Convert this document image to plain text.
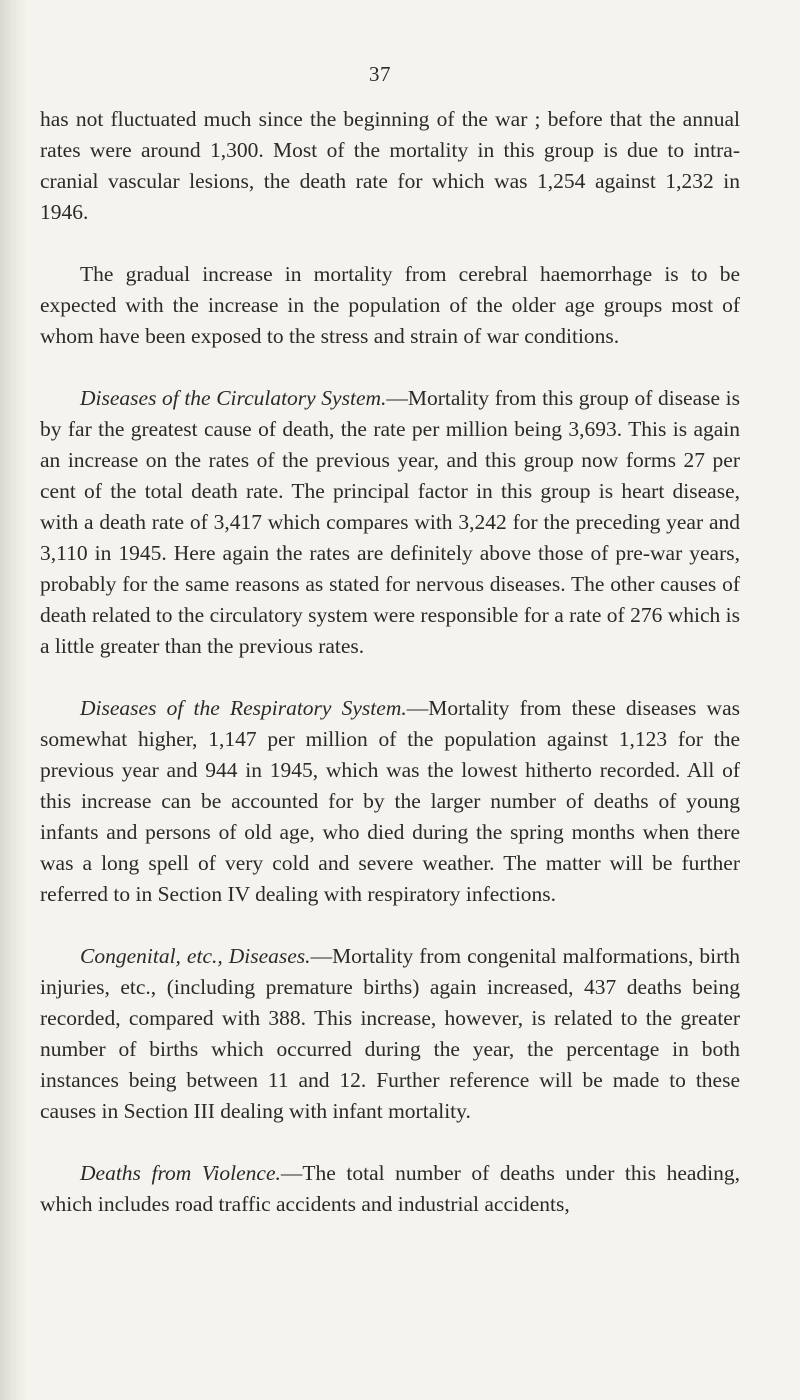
37

has not fluctuated much since the beginning of the war ; before that the annual rates were around 1,300. Most of the mortality in this group is due to intra-cranial vascular lesions, the death rate for which was 1,254 against 1,232 in 1946.

The gradual increase in mortality from cerebral haemorrhage is to be expected with the increase in the population of the older age groups most of whom have been exposed to the stress and strain of war conditions.

Diseases of the Circulatory System.—Mortality from this group of disease is by far the greatest cause of death, the rate per million being 3,693. This is again an increase on the rates of the previous year, and this group now forms 27 per cent of the total death rate. The principal factor in this group is heart disease, with a death rate of 3,417 which compares with 3,242 for the preceding year and 3,110 in 1945. Here again the rates are definitely above those of pre-war years, probably for the same reasons as stated for nervous diseases. The other causes of death related to the circulatory system were responsible for a rate of 276 which is a little greater than the previous rates.

Diseases of the Respiratory System.—Mortality from these diseases was somewhat higher, 1,147 per million of the population against 1,123 for the previous year and 944 in 1945, which was the lowest hitherto recorded. All of this increase can be accounted for by the larger number of deaths of young infants and persons of old age, who died during the spring months when there was a long spell of very cold and severe weather. The matter will be further referred to in Section IV dealing with respiratory infections.

Congenital, etc., Diseases.—Mortality from congenital malformations, birth injuries, etc., (including premature births) again increased, 437 deaths being recorded, compared with 388. This increase, however, is related to the greater number of births which occurred during the year, the percentage in both instances being between 11 and 12. Further reference will be made to these causes in Section III dealing with infant mortality.

Deaths from Violence.—The total number of deaths under this heading, which includes road traffic accidents and industrial accidents,
